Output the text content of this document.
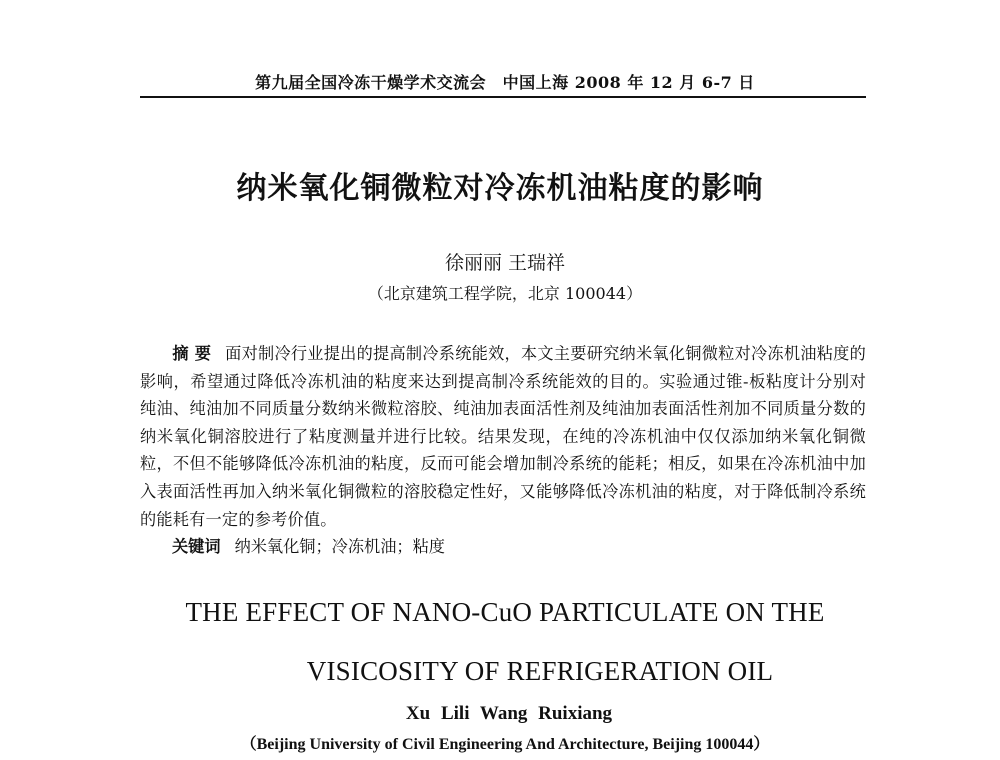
第九届全国冷冻干燥学术交流会　中国上海 2008 年 12 月 6-7 日
纳米氧化铜微粒对冷冻机油粘度的影响
徐丽丽 王瑞祥
（北京建筑工程学院，北京 100044）
摘 要 面对制冷行业提出的提高制冷系统能效，本文主要研究纳米氧化铜微粒对冷冻机油粘度的影响，希望通过降低冷冻机油的粘度来达到提高制冷系统能效的目的。实验通过锥-板粘度计分别对纯油、纯油加不同质量分数纳米微粒溶胶、纯油加表面活性剂及纯油加表面活性剂加不同质量分数的纳米氧化铜溶胶进行了粘度测量并进行比较。结果发现，在纯的冷冻机油中仅仅添加纳米氧化铜微粒，不但不能够降低冷冻机油的粘度，反而可能会增加制冷系统的能耗；相反，如果在冷冻机油中加入表面活性再加入纳米氧化铜微粒的溶胶稳定性好，又能够降低冷冻机油的粘度，对于降低制冷系统的能耗有一定的参考价值。
关键词 纳米氧化铜；冷冻机油；粘度
THE EFFECT OF NANO-CuO PARTICULATE ON THE
VISICOSITY OF REFRIGERATION OIL
Xu Lili Wang Ruixiang
（Beijing University of Civil Engineering And Architecture, Beijing 100044）
